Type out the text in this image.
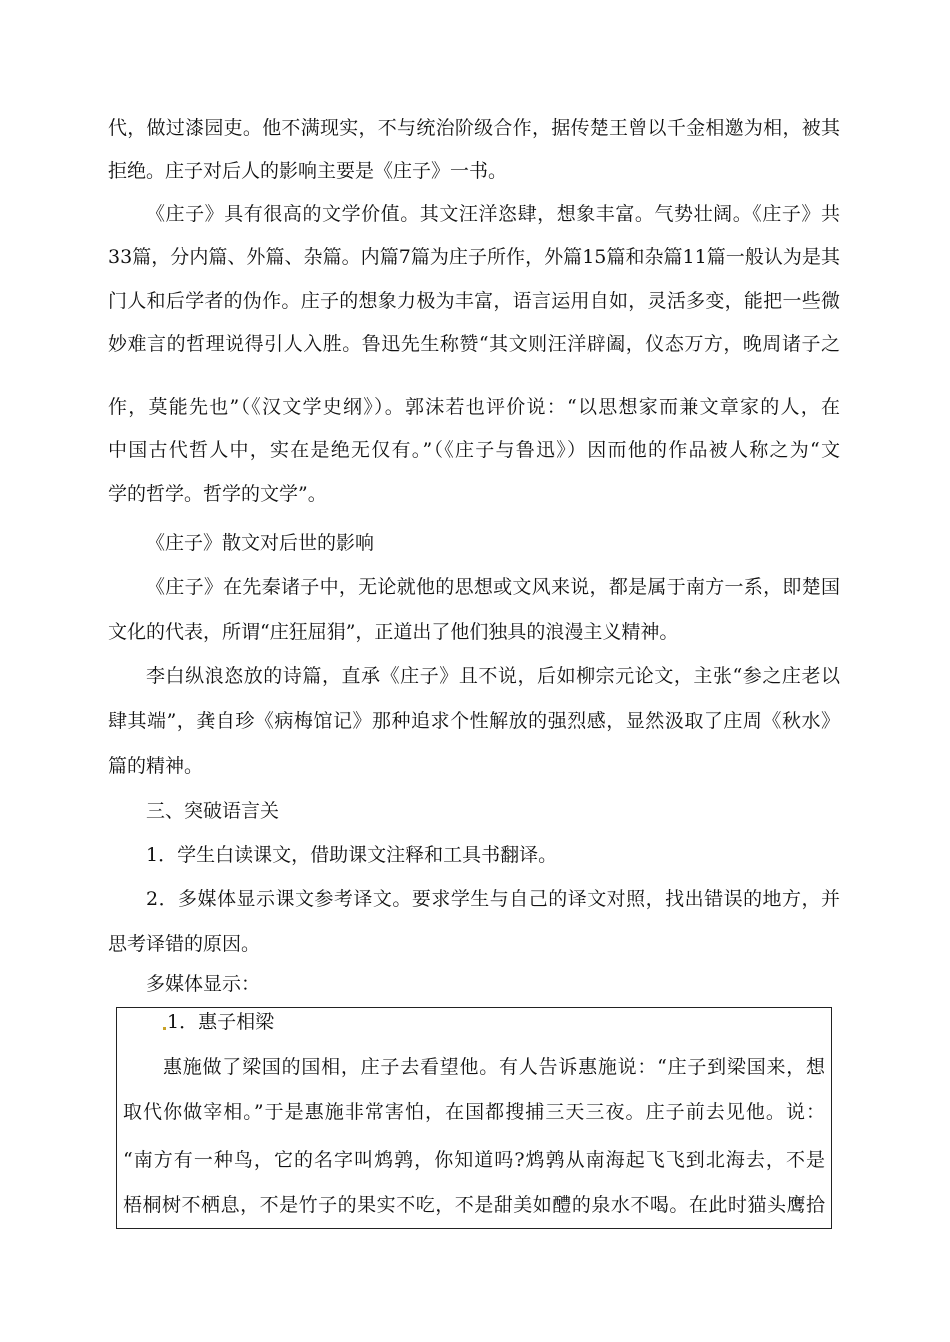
代，做过漆园吏。他不满现实，不与统治阶级合作，据传楚王曾以千金相邀为相，被其
拒绝。庄子对后人的影响主要是《庄子》一书。
《庄子》具有很高的文学价值。其文汪洋恣肆，想象丰富。气势壮阔。《庄子》共
33篇，分内篇、外篇、杂篇。内篇7篇为庄子所作，外篇15篇和杂篇11篇一般认为是其
门人和后学者的伪作。庄子的想象力极为丰富，语言运用自如，灵活多变，能把一些微
妙难言的哲理说得引人入胜。鲁迅先生称赞“其文则汪洋辟阖，仪态万方，晚周诸子之
作，莫能先也”（《汉文学史纲》）。郭沫若也评价说：“以思想家而兼文章家的人，在
中国古代哲人中，实在是绝无仅有。”（《庄子与鲁迅》）因而他的作品被人称之为“文
学的哲学。哲学的文学”。
《庄子》散文对后世的影响
《庄子》在先秦诸子中，无论就他的思想或文风来说，都是属于南方一系，即楚国
文化的代表，所谓“庄狂屈狷”，正道出了他们独具的浪漫主义精神。
李白纵浪恣放的诗篇，直承《庄子》且不说，后如柳宗元论文，主张“参之庄老以
肆其端”，龚自珍《病梅馆记》那种追求个性解放的强烈感，显然汲取了庄周《秋水》
篇的精神。
三、突破语言关
1．学生白读课文，借助课文注释和工具书翻译。
2．多媒体显示课文参考译文。要求学生与自己的译文对照，找出错误的地方，并
思考译错的原因。
多媒体显示：
1．惠子相梁
惠施做了梁国的国相，庄子去看望他。有人告诉惠施说：“庄子到梁国来，想
取代你做宰相。”于是惠施非常害怕，在国都搜捕三天三夜。庄子前去见他。说：
“南方有一种鸟，它的名字叫鸩鹑，你知道吗?鸩鹑从南海起飞飞到北海去，不是
梧桐树不栖息，不是竹子的果实不吃，不是甜美如醴的泉水不喝。在此时猫头鹰拾
